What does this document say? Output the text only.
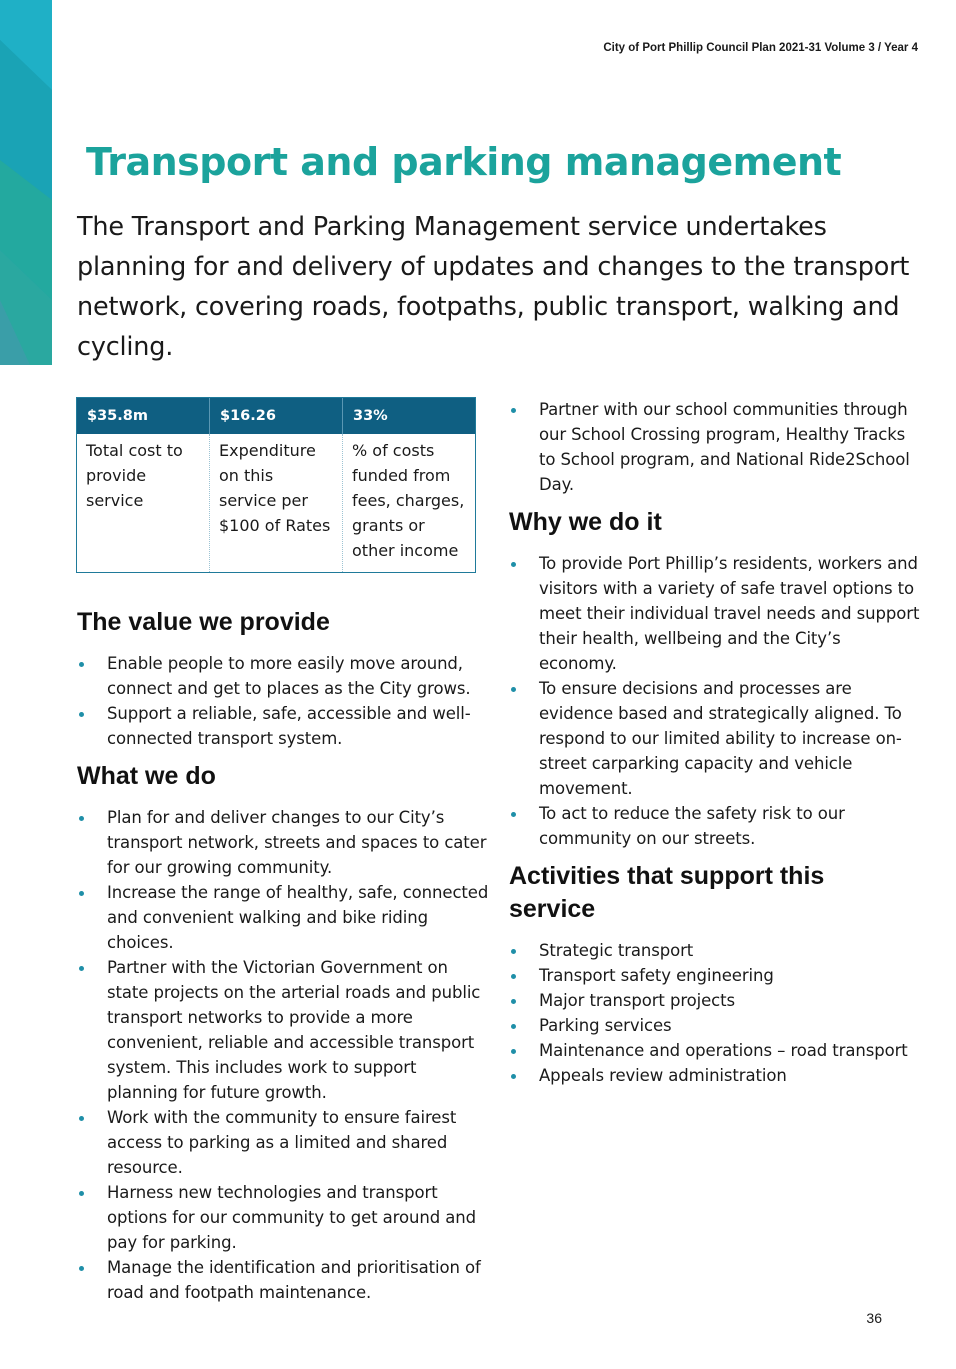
City of Port Phillip Council Plan 2021-31 Volume 3 / Year 4
Transport and parking management

The Transport and Parking Management service undertakes planning for and delivery of updates and changes to the transport network, covering roads, footpaths, public transport, walking and cycling.

$35.8m	$16.26	33%
Total cost to provide service
Expenditure on this service per $100 of Rates
% of costs funded from fees, charges, grants or other income
The value we provide
Enable people to more easily move around, connect and get to places as the City grows.
Support a reliable, safe, accessible and well-connected transport system.
What we do
Plan for and deliver changes to our City’s transport network, streets and spaces to cater for our growing community.
Increase the range of healthy, safe, connected and convenient walking and bike riding choices.
Partner with the Victorian Government on state projects on the arterial roads and public transport networks to provide a more convenient, reliable and accessible transport system. This includes work to support planning for future growth.
Work with the community to ensure fairest access to parking as a limited and shared resource.
Harness new technologies and transport options for our community to get around and pay for parking.
Manage the identification and prioritisation of road and footpath maintenance.
Partner with our school communities through our School Crossing program, Healthy Tracks to School program, and National Ride2School Day.
Why we do it
To provide Port Phillip’s residents, workers and visitors with a variety of safe travel options to meet their individual travel needs and support their health, wellbeing and the City’s economy.
To ensure decisions and processes are evidence based and strategically aligned. To respond to our limited ability to increase on-street carparking capacity and vehicle movement.
To act to reduce the safety risk to our community on our streets.
Activities that support this service
Strategic transport
Transport safety engineering
Major transport projects
Parking services
Maintenance and operations – road transport
Appeals review administration
36
